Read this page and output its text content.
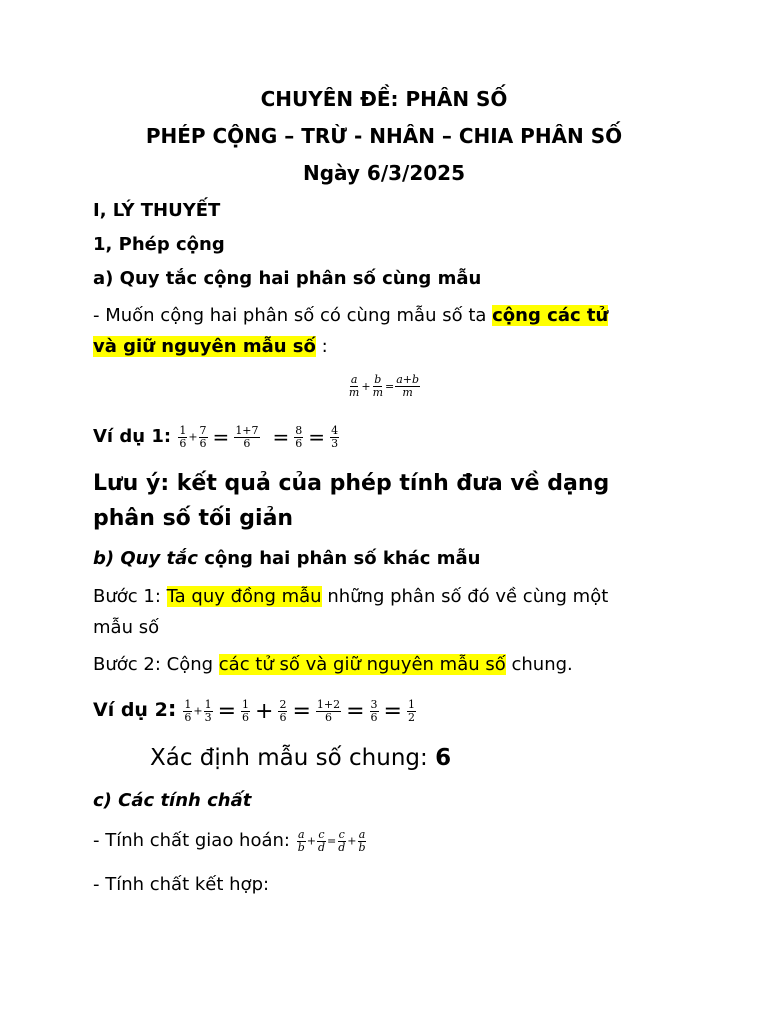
CHUYÊN ĐỀ: PHÂN SỐ
PHÉP CỘNG – TRỪ - NHÂN – CHIA PHÂN SỐ
Ngày 6/3/2025
I, LÝ THUYẾT
1, Phép cộng
a) Quy tắc cộng hai phân số cùng mẫu
- Muốn cộng hai phân số có cùng mẫu số ta cộng các tử
và giữ nguyên mẫu số :
$\frac{a}{m} + \frac{b}{m} = \frac{a+b}{m}$
Ví dụ 1: $\frac{1}{6} + \frac{7}{6} = \frac{1+7}{6} = \frac{8}{6} = \frac{4}{3}$
Lưu ý: kết quả của phép tính đưa về dạng
phân số tối giản
b) Quy tắc cộng hai phân số khác mẫu
Bước 1: Ta quy đồng mẫu những phân số đó về cùng một
mẫu số
Bước 2: Cộng các tử số và giữ nguyên mẫu số chung.
Ví dụ 2: $\frac{1}{6} + \frac{1}{3} = \frac{1}{6} + \frac{2}{6} = \frac{1+2}{6} = \frac{3}{6} = \frac{1}{2}$
Xác định mẫu số chung: 6
c) Các tính chất
- Tính chất giao hoán: $\frac{a}{b} + \frac{c}{d} = \frac{c}{d} + \frac{a}{b}$
- Tính chất kết hợp:
